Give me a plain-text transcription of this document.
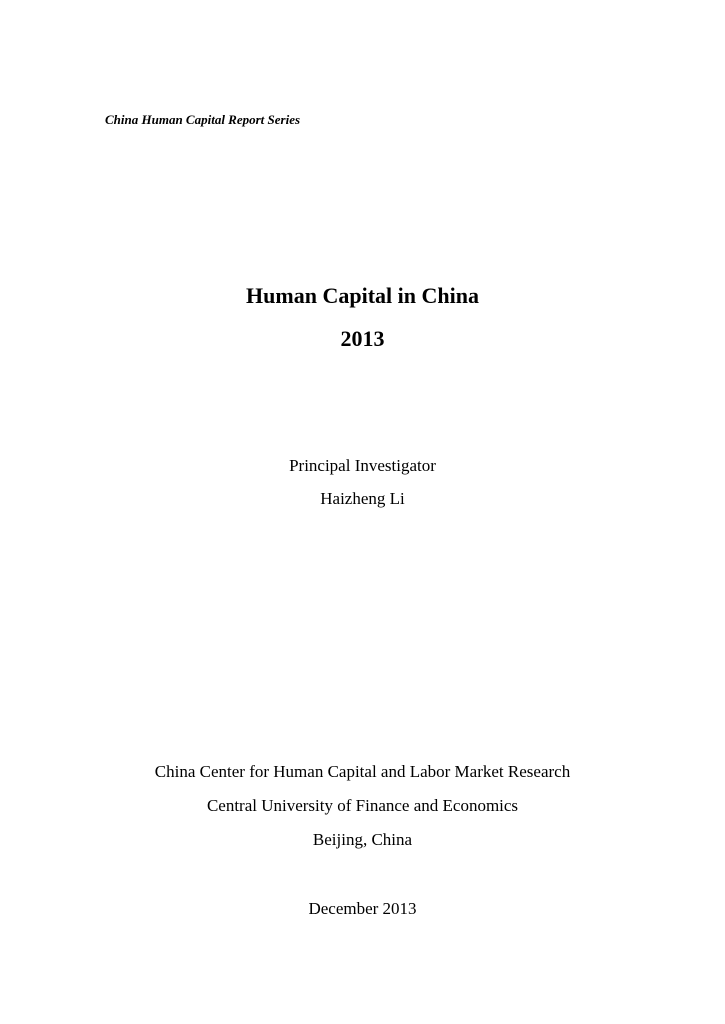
China Human Capital Report Series
Human Capital in China
2013
Principal Investigator
Haizheng Li
China Center for Human Capital and Labor Market Research
Central University of Finance and Economics
Beijing, China
December 2013
